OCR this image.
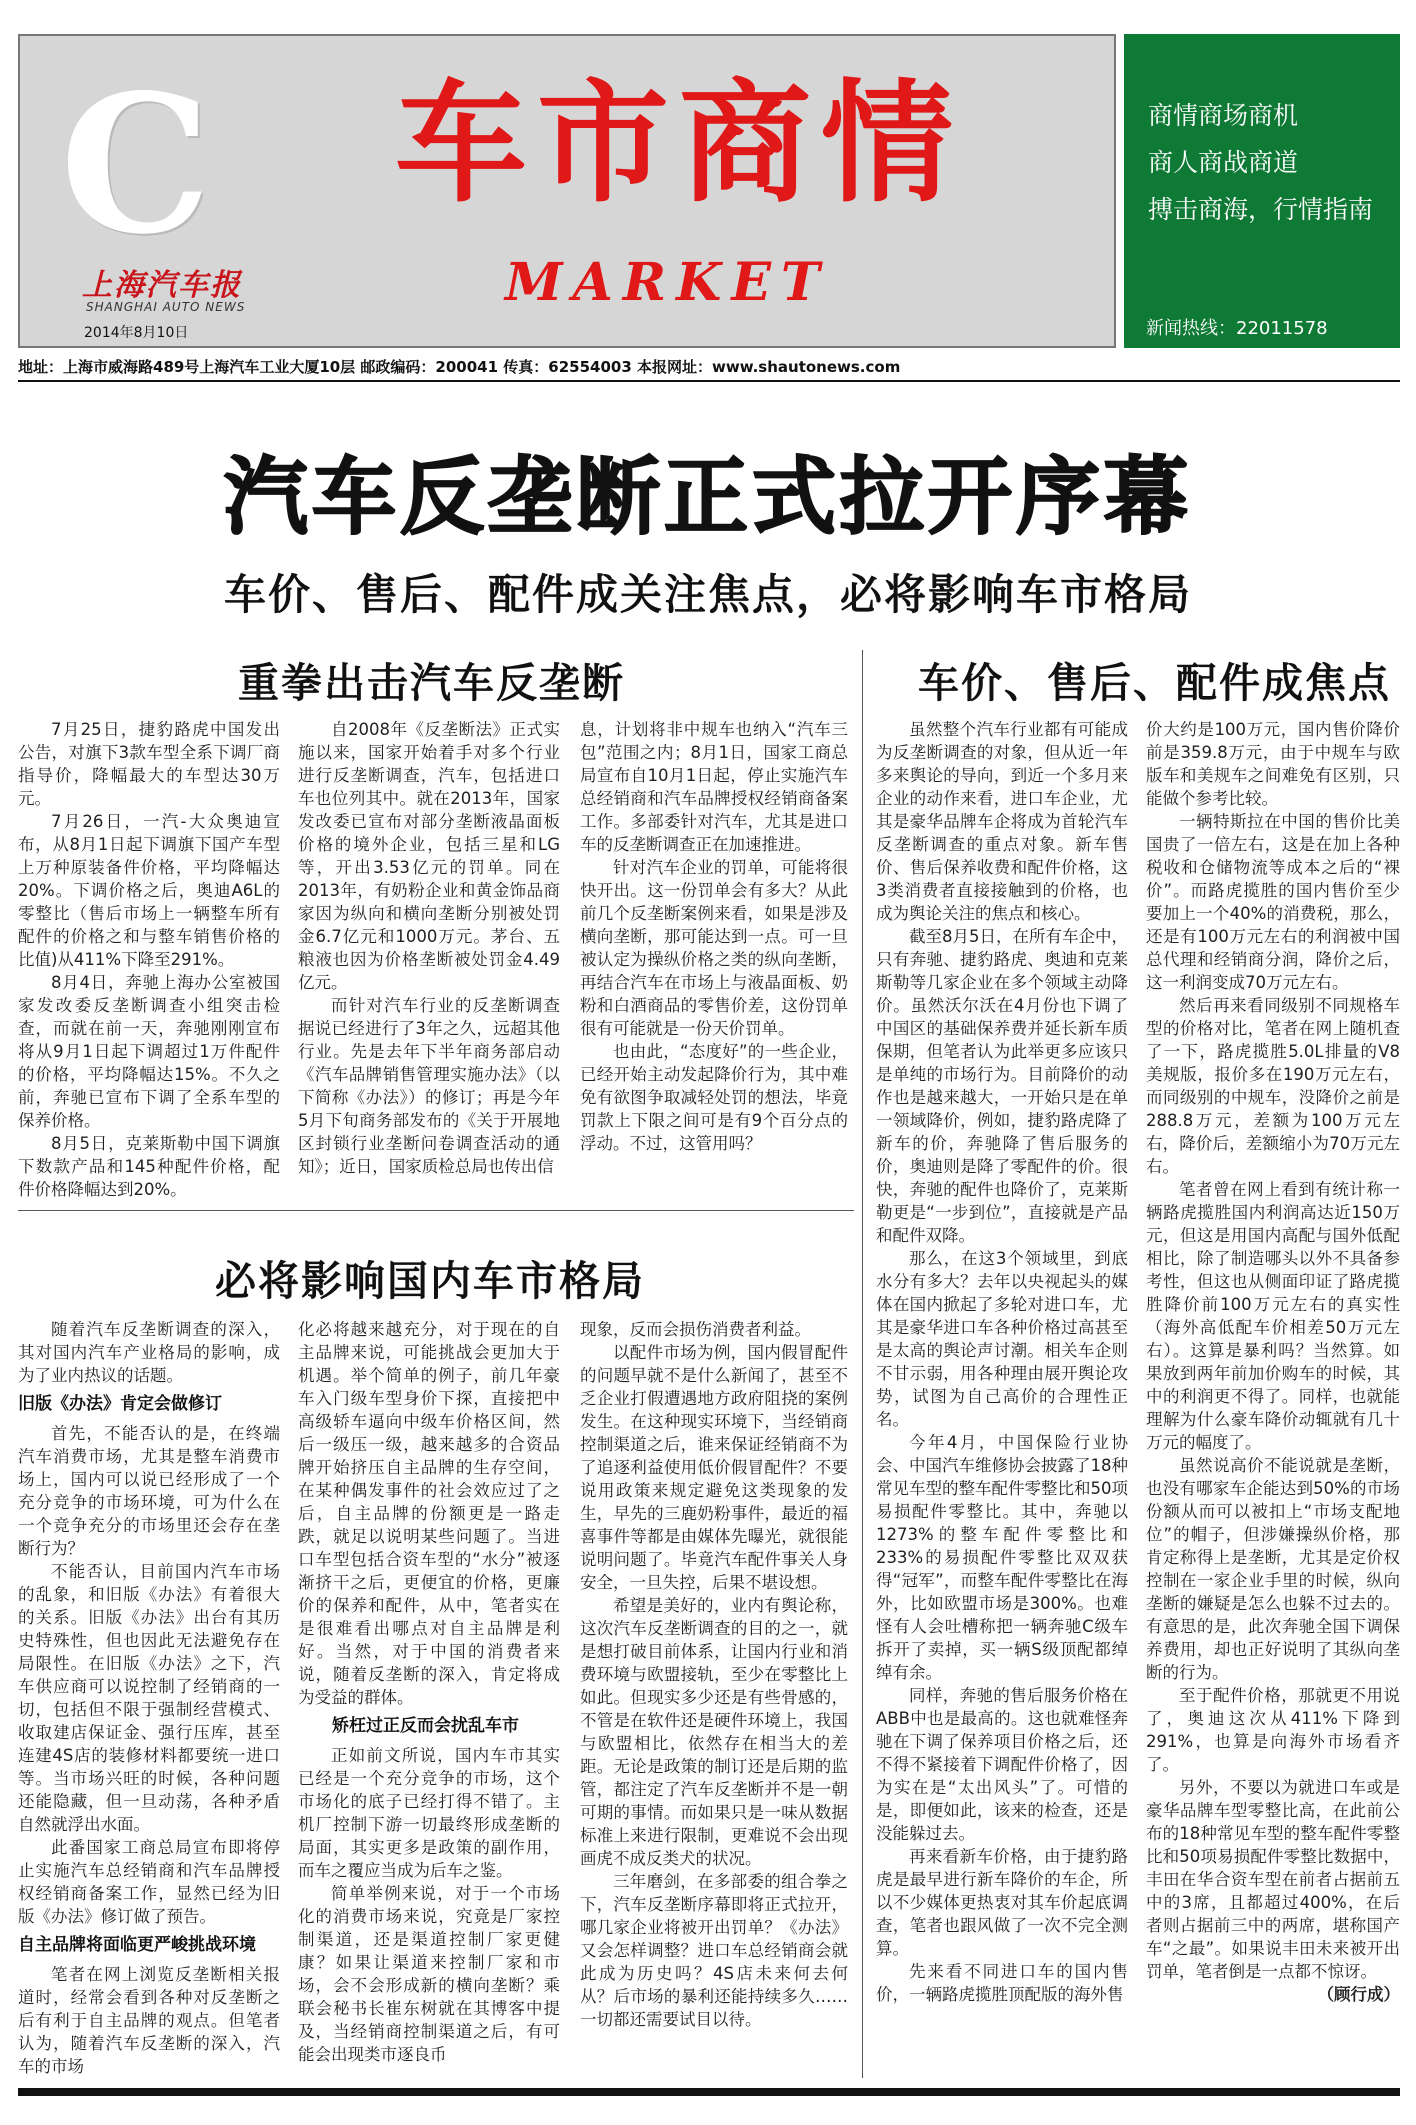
C
上海汽车报
SHANGHAI AUTO NEWS
2014年8月10日
车市商情
MARKET
商情商场商机
商人商战商道
搏击商海，行情指南
新闻热线：22011578
地址：上海市威海路489号上海汽车工业大厦10层 邮政编码：200041 传真：62554003 本报网址：www.shautonews.com
汽车反垄断正式拉开序幕
车价、售后、配件成关注焦点，必将影响车市格局
重拳出击汽车反垄断	车价、售后、配件成焦点
必将影响国内车市格局

7月25日，捷豹路虎中国发出公告，对旗下3款车型全系下调厂商指导价，降幅最大的车型达30万元。

7月26日，一汽-大众奥迪宣布，从8月1日起下调旗下国产车型上万种原装备件价格，平均降幅达20%。下调价格之后，奥迪A6L的零整比（售后市场上一辆整车所有配件的价格之和与整车销售价格的比值)从411%下降至291%。

8月4日，奔驰上海办公室被国家发改委反垄断调查小组突击检查，而就在前一天，奔驰刚刚宣布将从9月1日起下调超过1万件配件的价格，平均降幅达15%。不久之前，奔驰已宣布下调了全系车型的保养价格。

8月5日，克莱斯勒中国下调旗下数款产品和145种配件价格，配件价格降幅达到20%。

自2008年《反垄断法》正式实施以来，国家开始着手对多个行业进行反垄断调查，汽车，包括进口车也位列其中。就在2013年，国家发改委已宣布对部分垄断液晶面板价格的境外企业，包括三星和LG等，开出3.53亿元的罚单。同在2013年，有奶粉企业和黄金饰品商家因为纵向和横向垄断分别被处罚金6.7亿元和1000万元。茅台、五粮液也因为价格垄断被处罚金4.49亿元。

而针对汽车行业的反垄断调查据说已经进行了3年之久，远超其他行业。先是去年下半年商务部启动《汽车品牌销售管理实施办法》（以下简称《办法》）的修订；再是今年5月下旬商务部发布的《关于开展地区封锁行业垄断问卷调查活动的通知》；近日，国家质检总局也传出信

息，计划将非中规车也纳入“汽车三包”范围之内；8月1日，国家工商总局宣布自10月1日起，停止实施汽车总经销商和汽车品牌授权经销商备案工作。多部委针对汽车，尤其是进口车的反垄断调查正在加速推进。

针对汽车企业的罚单，可能将很快开出。这一份罚单会有多大？从此前几个反垄断案例来看，如果是涉及横向垄断，那可能达到一点。可一旦被认定为操纵价格之类的纵向垄断，再结合汽车在市场上与液晶面板、奶粉和白酒商品的零售价差，这份罚单很有可能就是一份天价罚单。

也由此，“态度好”的一些企业，已经开始主动发起降价行为，其中难免有欲图争取减轻处罚的想法，毕竟罚款上下限之间可是有9个百分点的浮动。不过，这管用吗？

虽然整个汽车行业都有可能成为反垄断调查的对象，但从近一年多来舆论的导向，到近一个多月来企业的动作来看，进口车企业，尤其是豪华品牌车企将成为首轮汽车反垄断调查的重点对象。新车售价、售后保养收费和配件价格，这3类消费者直接接触到的价格，也成为舆论关注的焦点和核心。

截至8月5日，在所有车企中，只有奔驰、捷豹路虎、奥迪和克莱斯勒等几家企业在多个领域主动降价。虽然沃尔沃在4月份也下调了中国区的基础保养费并延长新车质保期，但笔者认为此举更多应该只是单纯的市场行为。目前降价的动作也是越来越大，一开始只是在单一领域降价，例如，捷豹路虎降了新车的价，奔驰降了售后服务的价，奥迪则是降了零配件的价。很快，奔驰的配件也降价了，克莱斯勒更是“一步到位”，直接就是产品和配件双降。

那么，在这3个领域里，到底水分有多大？去年以央视起头的媒体在国内掀起了多轮对进口车，尤其是豪华进口车各种价格过高甚至是太高的舆论声讨潮。相关车企则不甘示弱，用各种理由展开舆论攻势，试图为自己高价的合理性正名。

今年4月，中国保险行业协会、中国汽车维修协会披露了18种常见车型的整车配件零整比和50项易损配件零整比。其中，奔驰以1273%的整车配件零整比和233%的易损配件零整比双双获得“冠军”，而整车配件零整比在海外，比如欧盟市场是300%。也难怪有人会吐槽称把一辆奔驰C级车拆开了卖掉，买一辆S级顶配都绰绰有余。

同样，奔驰的售后服务价格在ABB中也是最高的。这也就难怪奔驰在下调了保养项目价格之后，还不得不紧接着下调配件价格了，因为实在是“太出风头”了。可惜的是，即便如此，该来的检查，还是没能躲过去。

再来看新车价格，由于捷豹路虎是最早进行新车降价的车企，所以不少媒体更热衷对其车价起底调查，笔者也跟风做了一次不完全测算。

先来看不同进口车的国内售价，一辆路虎揽胜顶配版的海外售

价大约是100万元，国内售价降价前是359.8万元，由于中规车与欧版车和美规车之间难免有区别，只能做个参考比较。

一辆特斯拉在中国的售价比美国贵了一倍左右，这是在加上各种税收和仓储物流等成本之后的“裸价”。而路虎揽胜的国内售价至少要加上一个40%的消费税，那么，还是有100万元左右的利润被中国总代理和经销商分润，降价之后，这一利润变成70万元左右。

然后再来看同级别不同规格车型的价格对比，笔者在网上随机查了一下，路虎揽胜5.0L排量的V8美规版，报价多在190万元左右，而同级别的中规车，没降价之前是288.8万元，差额为100万元左右，降价后，差额缩小为70万元左右。

笔者曾在网上看到有统计称一辆路虎揽胜国内利润高达近150万元，但这是用国内高配与国外低配相比，除了制造哪头以外不具备参考性，但这也从侧面印证了路虎揽胜降价前100万元左右的真实性（海外高低配车价相差50万元左右）。这算是暴利吗？当然算。如果放到两年前加价购车的时候，其中的利润更不得了。同样，也就能理解为什么豪车降价动辄就有几十万元的幅度了。

虽然说高价不能说就是垄断，也没有哪家车企能达到50%的市场份额从而可以被扣上“市场支配地位”的帽子，但涉嫌操纵价格，那肯定称得上是垄断，尤其是定价权控制在一家企业手里的时候，纵向垄断的嫌疑是怎么也躲不过去的。有意思的是，此次奔驰全国下调保养费用，却也正好说明了其纵向垄断的行为。

至于配件价格，那就更不用说了，奥迪这次从411%下降到291%，也算是向海外市场看齐了。

另外，不要以为就进口车或是豪华品牌车型零整比高，在此前公布的18种常见车型的整车配件零整比和50项易损配件零整比数据中，丰田在华合资车型在前者占据前五中的3席，且都超过400%，在后者则占据前三中的两席，堪称国产车“之最”。如果说丰田未来被开出罚单，笔者倒是一点都不惊讶。

（顾行成）

随着汽车反垄断调查的深入，其对国内汽车产业格局的影响，成为了业内热议的话题。

旧版《办法》肯定会做修订

首先，不能否认的是，在终端汽车消费市场，尤其是整车消费市场上，国内可以说已经形成了一个充分竞争的市场环境，可为什么在一个竞争充分的市场里还会存在垄断行为？

不能否认，目前国内汽车市场的乱象，和旧版《办法》有着很大的关系。旧版《办法》出台有其历史特殊性，但也因此无法避免存在局限性。在旧版《办法》之下，汽车供应商可以说控制了经销商的一切，包括但不限于强制经营模式、收取建店保证金、强行压库，甚至连建4S店的装修材料都要统一进口等。当市场兴旺的时候，各种问题还能隐藏，但一旦动荡，各种矛盾自然就浮出水面。

此番国家工商总局宣布即将停止实施汽车总经销商和汽车品牌授权经销商备案工作，显然已经为旧版《办法》修订做了预告。

自主品牌将面临更严峻挑战环境

笔者在网上浏览反垄断相关报道时，经常会看到各种对反垄断之后有利于自主品牌的观点。但笔者认为，随着汽车反垄断的深入，汽车的市场

化必将越来越充分，对于现在的自主品牌来说，可能挑战会更加大于机遇。举个简单的例子，前几年豪车入门级车型身价下探，直接把中高级轿车逼向中级车价格区间，然后一级压一级，越来越多的合资品牌开始挤压自主品牌的生存空间，在某种偶发事件的社会效应过了之后，自主品牌的份额更是一路走跌，就足以说明某些问题了。当进口车型包括合资车型的“水分”被逐渐挤干之后，更便宜的价格，更廉价的保养和配件，从中，笔者实在是很难看出哪点对自主品牌是利好。当然，对于中国的消费者来说，随着反垄断的深入，肯定将成为受益的群体。

矫枉过正反而会扰乱车市

正如前文所说，国内车市其实已经是一个充分竞争的市场，这个市场化的底子已经打得不错了。主机厂控制下游一切最终形成垄断的局面，其实更多是政策的副作用，而车之覆应当成为后车之鉴。

简单举例来说，对于一个市场化的消费市场来说，究竟是厂家控制渠道，还是渠道控制厂家更健康？如果让渠道来控制厂家和市场，会不会形成新的横向垄断？乘联会秘书长崔东树就在其博客中提及，当经销商控制渠道之后，有可能会出现类市逐良币

现象，反而会损伤消费者利益。

以配件市场为例，国内假冒配件的问题早就不是什么新闻了，甚至不乏企业打假遭遇地方政府阻挠的案例发生。在这种现实环境下，当经销商控制渠道之后，谁来保证经销商不为了追逐利益使用低价假冒配件？不要说用政策来规定避免这类现象的发生，早先的三鹿奶粉事件，最近的福喜事件等都是由媒体先曝光，就很能说明问题了。毕竟汽车配件事关人身安全，一旦失控，后果不堪设想。

希望是美好的，业内有舆论称，这次汽车反垄断调查的目的之一，就是想打破目前体系，让国内行业和消费环境与欧盟接轨，至少在零整比上如此。但现实多少还是有些骨感的，不管是在软件还是硬件环境上，我国与欧盟相比，依然存在相当大的差距。无论是政策的制订还是后期的监管，都注定了汽车反垄断并不是一朝可期的事情。而如果只是一味从数据标准上来进行限制，更难说不会出现画虎不成反类犬的状况。

三年磨剑，在多部委的组合拳之下，汽车反垄断序幕即将正式拉开，哪几家企业将被开出罚单？《办法》又会怎样调整？进口车总经销商会就此成为历史吗？4S店未来何去何从？后市场的暴利还能持续多久……一切都还需要试目以待。
